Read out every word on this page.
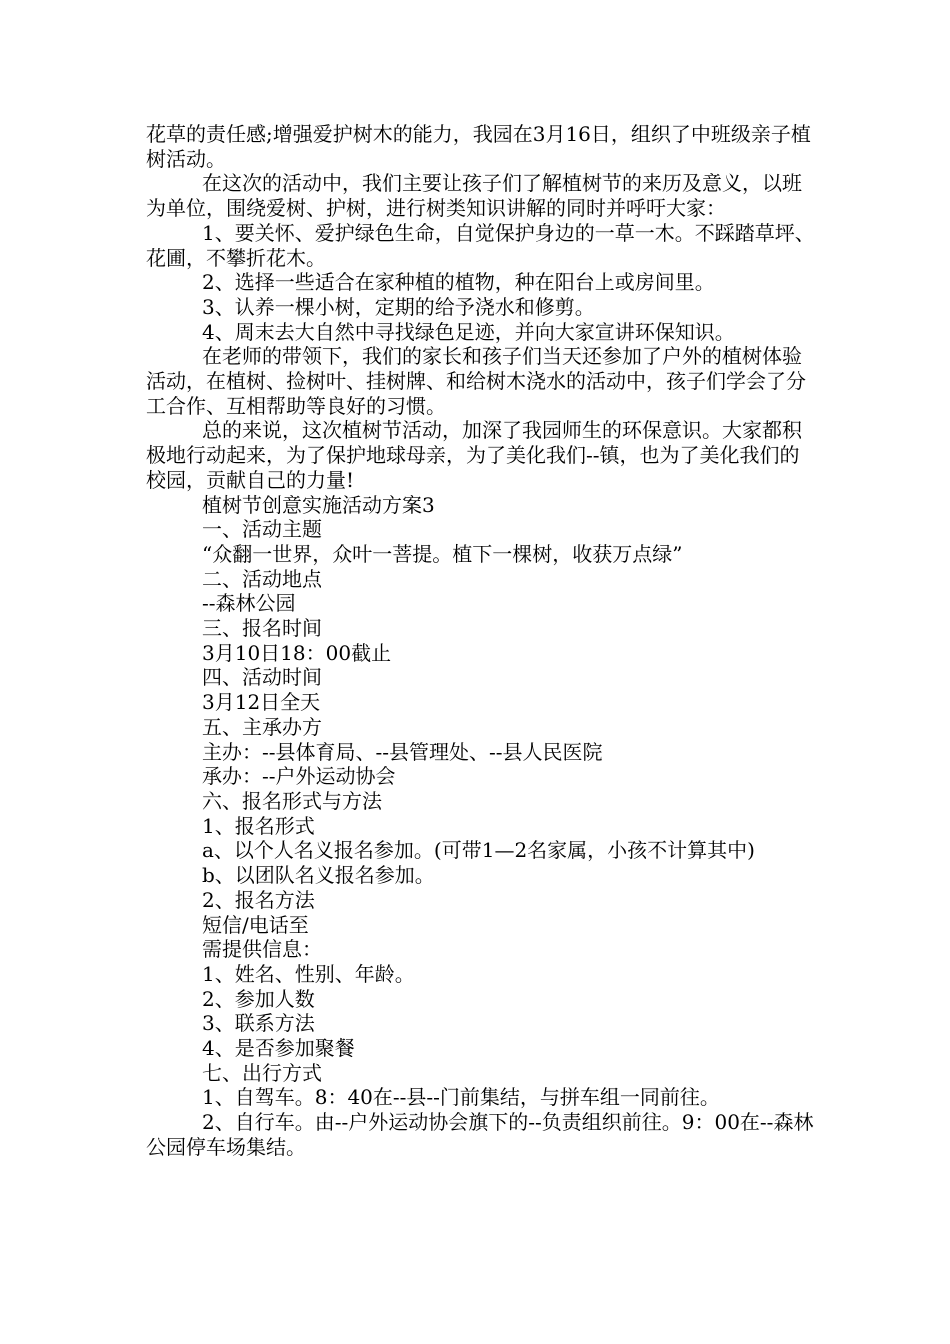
花草的责任感;增强爱护树木的能力，我园在3月16日，组织了中班级亲子植树活动。

在这次的活动中，我们主要让孩子们了解植树节的来历及意义，以班为单位，围绕爱树、护树，进行树类知识讲解的同时并呼吁大家：

1、要关怀、爱护绿色生命，自觉保护身边的一草一木。不踩踏草坪、花圃，不攀折花木。

2、选择一些适合在家种植的植物，种在阳台上或房间里。

3、认养一棵小树，定期的给予浇水和修剪。

4、周末去大自然中寻找绿色足迹，并向大家宣讲环保知识。

在老师的带领下，我们的家长和孩子们当天还参加了户外的植树体验活动，在植树、捡树叶、挂树牌、和给树木浇水的活动中，孩子们学会了分工合作、互相帮助等良好的习惯。

总的来说，这次植树节活动，加深了我园师生的环保意识。大家都积极地行动起来，为了保护地球母亲，为了美化我们--镇，也为了美化我们的校园，贡献自己的力量!

植树节创意实施活动方案3

一、活动主题

“众翻一世界，众叶一菩提。植下一棵树，收获万点绿”

二、活动地点

--森林公园

三、报名时间

3月10日18：00截止

四、活动时间

3月12日全天

五、主承办方

主办：--县体育局、--县管理处、--县人民医院

承办：--户外运动协会

六、报名形式与方法

1、报名形式

a、以个人名义报名参加。(可带1—2名家属，小孩不计算其中)

b、以团队名义报名参加。

2、报名方法

短信/电话至

需提供信息：

1、姓名、性别、年龄。

2、参加人数

3、联系方法

4、是否参加聚餐

七、出行方式

1、自驾车。8：40在--县--门前集结，与拼车组一同前往。

2、自行车。由--户外运动协会旗下的--负责组织前往。9：00在--森林公园停车场集结。
